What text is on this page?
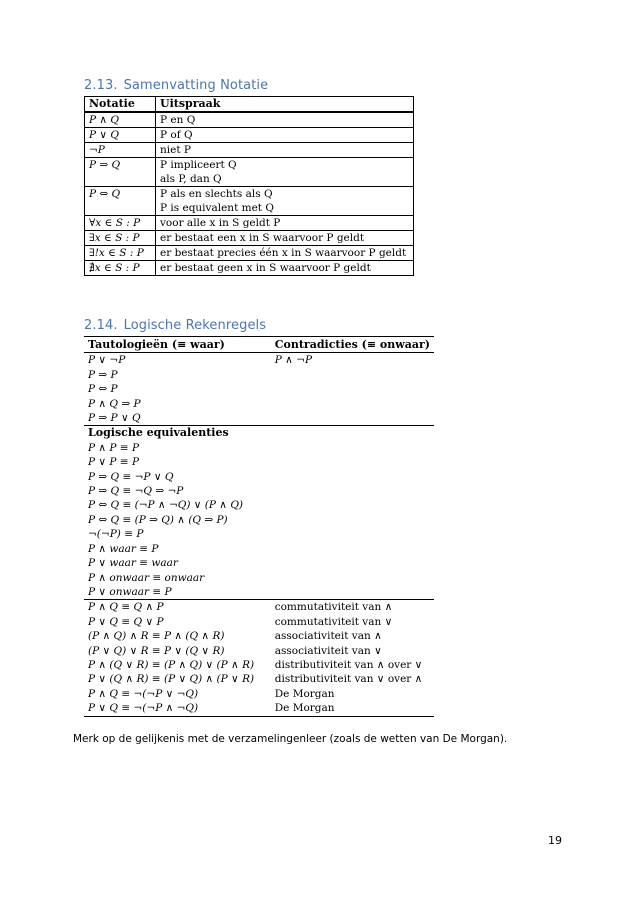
2.13. Samenvatting Notatie
Notatie	Uitspraak
P ∧ Q	P en Q

P ∨ Q	P of Q

¬P	niet P

P ⇒ Q	P impliceert Q
als P, dan Q

P ⇔ Q	P als en slechts als Q
P is equivalent met Q

∀x ∈ S : P	voor alle x in S geldt P

∃x ∈ S : P	er bestaat een x in S waarvoor P geldt

∃!x ∈ S : P	er bestaat precies één x in S waarvoor P geldt

∄x ∈ S : P	er bestaat geen x in S waarvoor P geldt
2.14. Logische Rekenregels
Tautologieën (≡ waar)	Contradicties (≡ onwaar)
P ∨ ¬P	P ∧ ¬P
P ⇒ P	
P ⇔ P	
P ∧ Q ⇒ P	
P ⇒ P ∨ Q	
Logische equivalenties	
P ∧ P ≡ P	
P ∨ P ≡ P	
P ⇒ Q ≡ ¬P ∨ Q	
P ⇒ Q ≡ ¬Q ⇒ ¬P	
P ⇔ Q ≡ (¬P ∧ ¬Q) ∨ (P ∧ Q)	
P ⇔ Q ≡ (P ⇒ Q) ∧ (Q ⇒ P)	
¬(¬P) ≡ P	
P ∧ waar ≡ P	
P ∨ waar ≡ waar	
P ∧ onwaar ≡ onwaar	
P ∨ onwaar ≡ P	
P ∧ Q ≡ Q ∧ P	commutativiteit van ∧
P ∨ Q ≡ Q ∨ P	commutativiteit van ∨
(P ∧ Q) ∧ R ≡ P ∧ (Q ∧ R)	associativiteit van ∧
(P ∨ Q) ∨ R ≡ P ∨ (Q ∨ R)	associativiteit van ∨
P ∧ (Q ∨ R) ≡ (P ∧ Q) ∨ (P ∧ R)	distributiviteit van ∧ over ∨
P ∨ (Q ∧ R) ≡ (P ∨ Q) ∧ (P ∨ R)	distributiviteit van ∨ over ∧
P ∧ Q ≡ ¬(¬P ∨ ¬Q)	De Morgan
P ∨ Q ≡ ¬(¬P ∧ ¬Q)	De Morgan
Merk op de gelijkenis met de verzamelingenleer (zoals de wetten van De Morgan).
19
